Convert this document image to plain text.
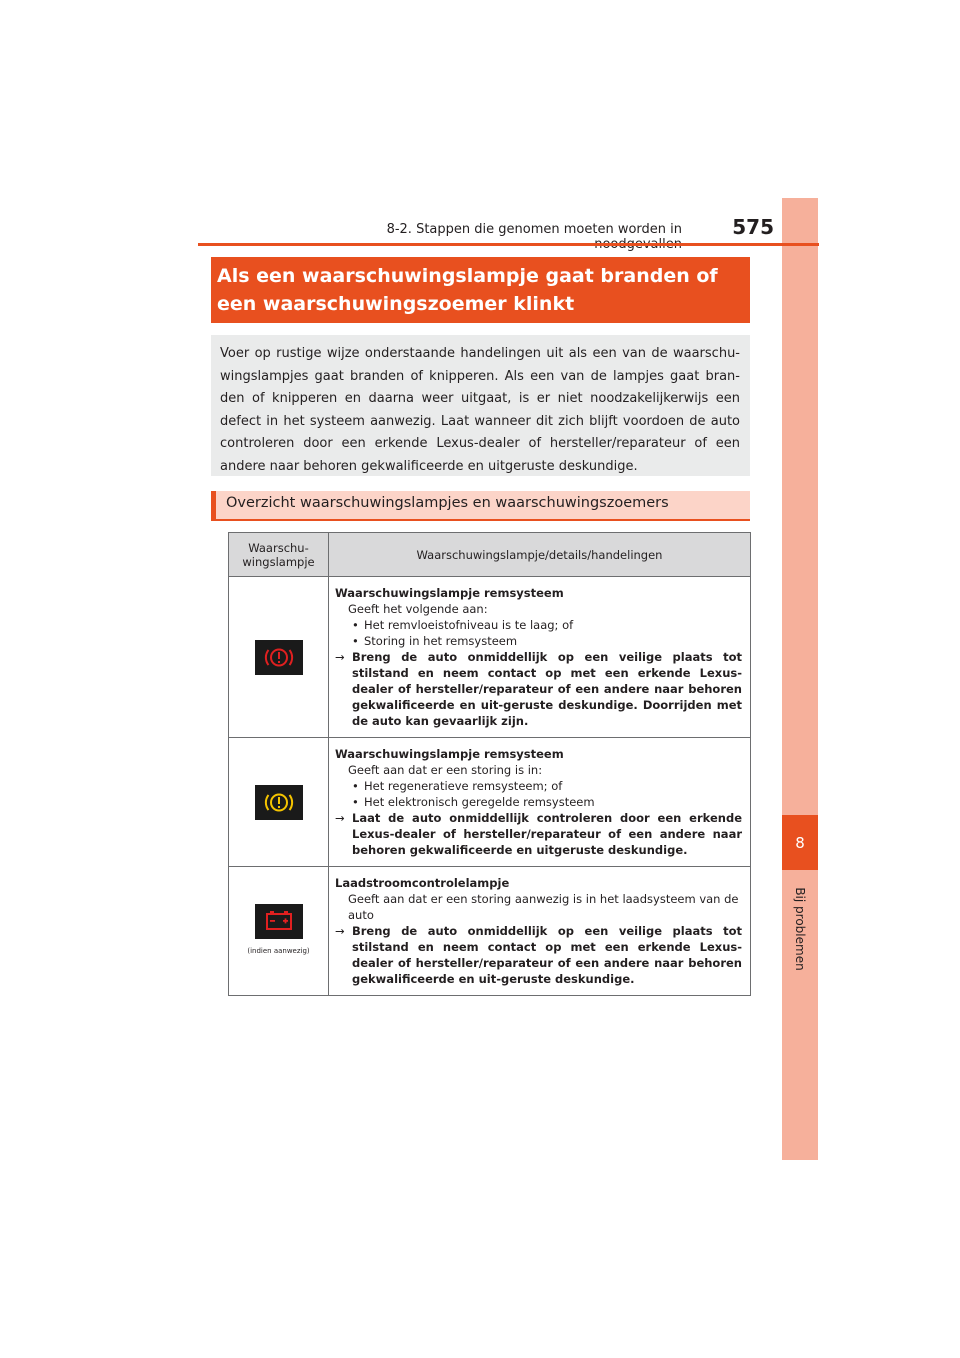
8
Bij problemen
8-2. Stappen die genomen moeten worden in	575
Als een waarschuwingslampje gaat branden of een waarschuwingszoemer klinkt
Voer op rustige wijze onderstaande handelingen uit als een van de waarschu-wingslampjes gaat branden of knipperen. Als een van de lampjes gaat bran-den of knipperen en daarna weer uitgaat, is er niet noodzakelijkerwijs een defect in het systeem aanwezig. Laat wanneer dit zich blijft voordoen de auto controleren door een erkende Lexus-dealer of hersteller/reparateur of een andere naar behoren gekwalificeerde en uitgeruste deskundige.
Overzicht waarschuwingslampjes en waarschuwingszoemers
Waarschu-wingslampje	Waarschuwingslampje/details/handelingen

Waarschuwingslampje remsysteem
Geeft het volgende aan:
• Het remvloeistofniveau is te laag; of
• Storing in het remsysteem
→ Breng de auto onmiddellijk op een veilige plaats tot stilstand en neem contact op met een erkende Lexus-dealer of hersteller/reparateur of een andere naar behoren gekwalificeerde en uit-geruste deskundige. Doorrijden met de auto kan gevaarlijk zijn.

Waarschuwingslampje remsysteem
Geeft aan dat er een storing is in:
• Het regeneratieve remsysteem; of
• Het elektronisch geregelde remsysteem
→ Laat de auto onmiddellijk controleren door een erkende Lexus-dealer of hersteller/reparateur of een andere naar behoren gekwalificeerde en uitgeruste deskundige.

(indien aanwezig)	Laadstroomcontrolelampje
Geeft aan dat er een storing aanwezig is in het laadsysteem van de auto
→ Breng de auto onmiddellijk op een veilige plaats tot stilstand en neem contact op met een erkende Lexus-dealer of hersteller/reparateur of een andere naar behoren gekwalificeerde en uit-geruste deskundige.
